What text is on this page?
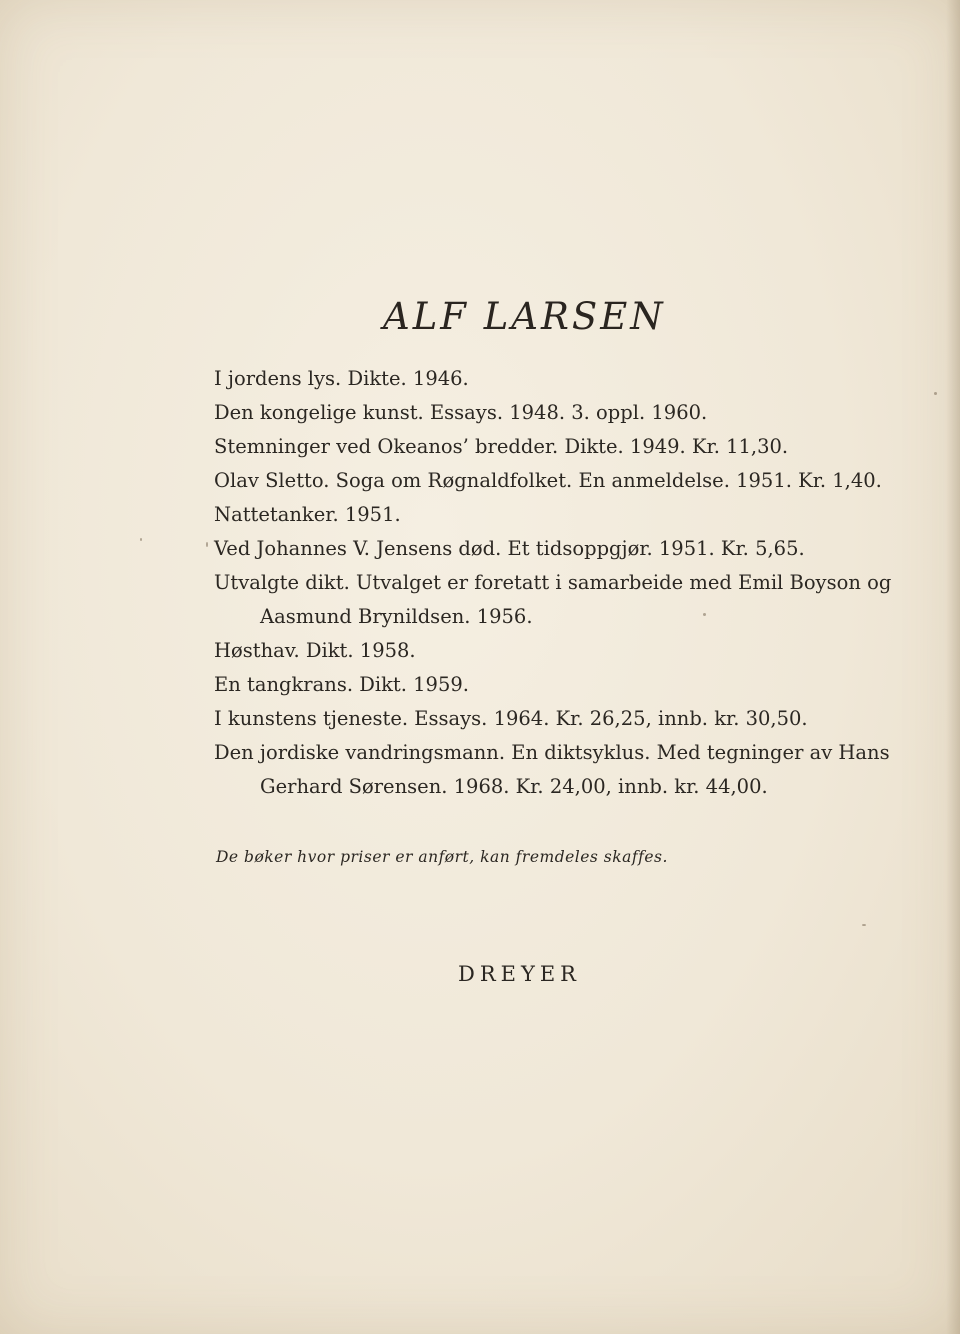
ALF LARSEN
I jordens lys. Dikte. 1946.
Den kongelige kunst. Essays. 1948. 3. oppl. 1960.
Stemninger ved Okeanos’ bredder. Dikte. 1949. Kr. 11,30.
Olav Sletto. Soga om Røgnaldfolket. En anmeldelse. 1951. Kr. 1,40.
Nattetanker. 1951.
Ved Johannes V. Jensens død. Et tidsoppgjør. 1951. Kr. 5,65.
Utvalgte dikt. Utvalget er foretatt i samarbeide med Emil Boyson og Aasmund Brynildsen. 1956.
Høsthav. Dikt. 1958.
En tangkrans. Dikt. 1959.
I kunstens tjeneste. Essays. 1964. Kr. 26,25, innb. kr. 30,50.
Den jordiske vandringsmann. En diktsyklus. Med tegninger av Hans Gerhard Sørensen. 1968. Kr. 24,00, innb. kr. 44,00.
De bøker hvor priser er anført, kan fremdeles skaffes.
DREYER
